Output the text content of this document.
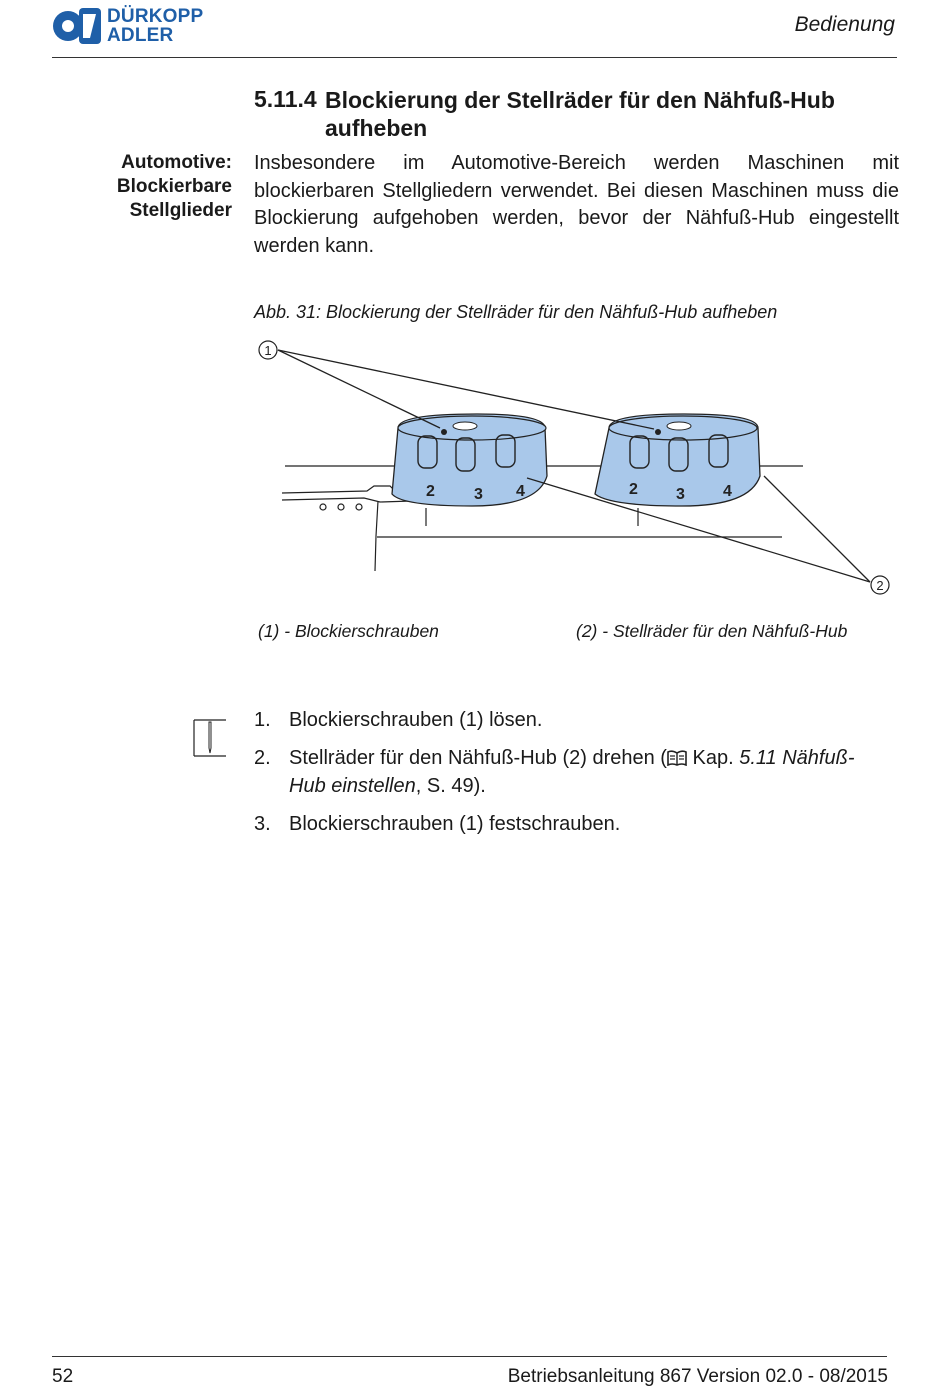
DÜRKOPP
ADLER	Bedienung
5.11.4 Blockierung der Stellräder für den Nähfuß-Hub aufheben
Automotive:
Blockierbare
Stellglieder
Insbesondere im Automotive-Bereich werden Maschinen mit blockierbaren Stellgliedern verwendet. Bei diesen Maschinen muss die Blockierung aufgehoben werden, bevor der Nähfuß-Hub eingestellt werden kann.
Abb. 31: Blockierung der Stellräder für den Nähfuß-Hub aufheben
2 3 4	2 3 4
1
2
(1) - Blockierschrauben	(2) - Stellräder für den Nähfuß-Hub
1. Blockierschrauben (1) lösen.
2. Stellräder für den Nähfuß-Hub (2) drehen ( Kap. 5.11 Nähfuß-Hub einstellen, S. 49).
3. Blockierschrauben (1) festschrauben.
52	Betriebsanleitung 867 Version 02.0 - 08/2015
